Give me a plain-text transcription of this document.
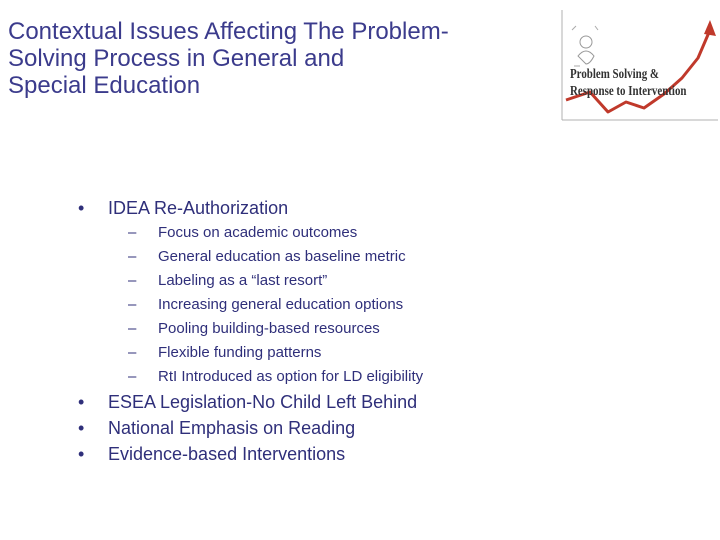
Contextual Issues Affecting The Problem-
Solving Process in General and
Special Education	Problem Solving &
Response to Intervention
•	IDEA Re-Authorization
–	Focus on academic outcomes
–	General education as baseline metric
–	Labeling as a “last resort”
–	Increasing general education options
–	Pooling building-based resources
–	Flexible funding patterns
–	RtI Introduced as option for LD eligibility
•	ESEA Legislation-No Child Left Behind
•	National Emphasis on Reading
•	Evidence-based Interventions
